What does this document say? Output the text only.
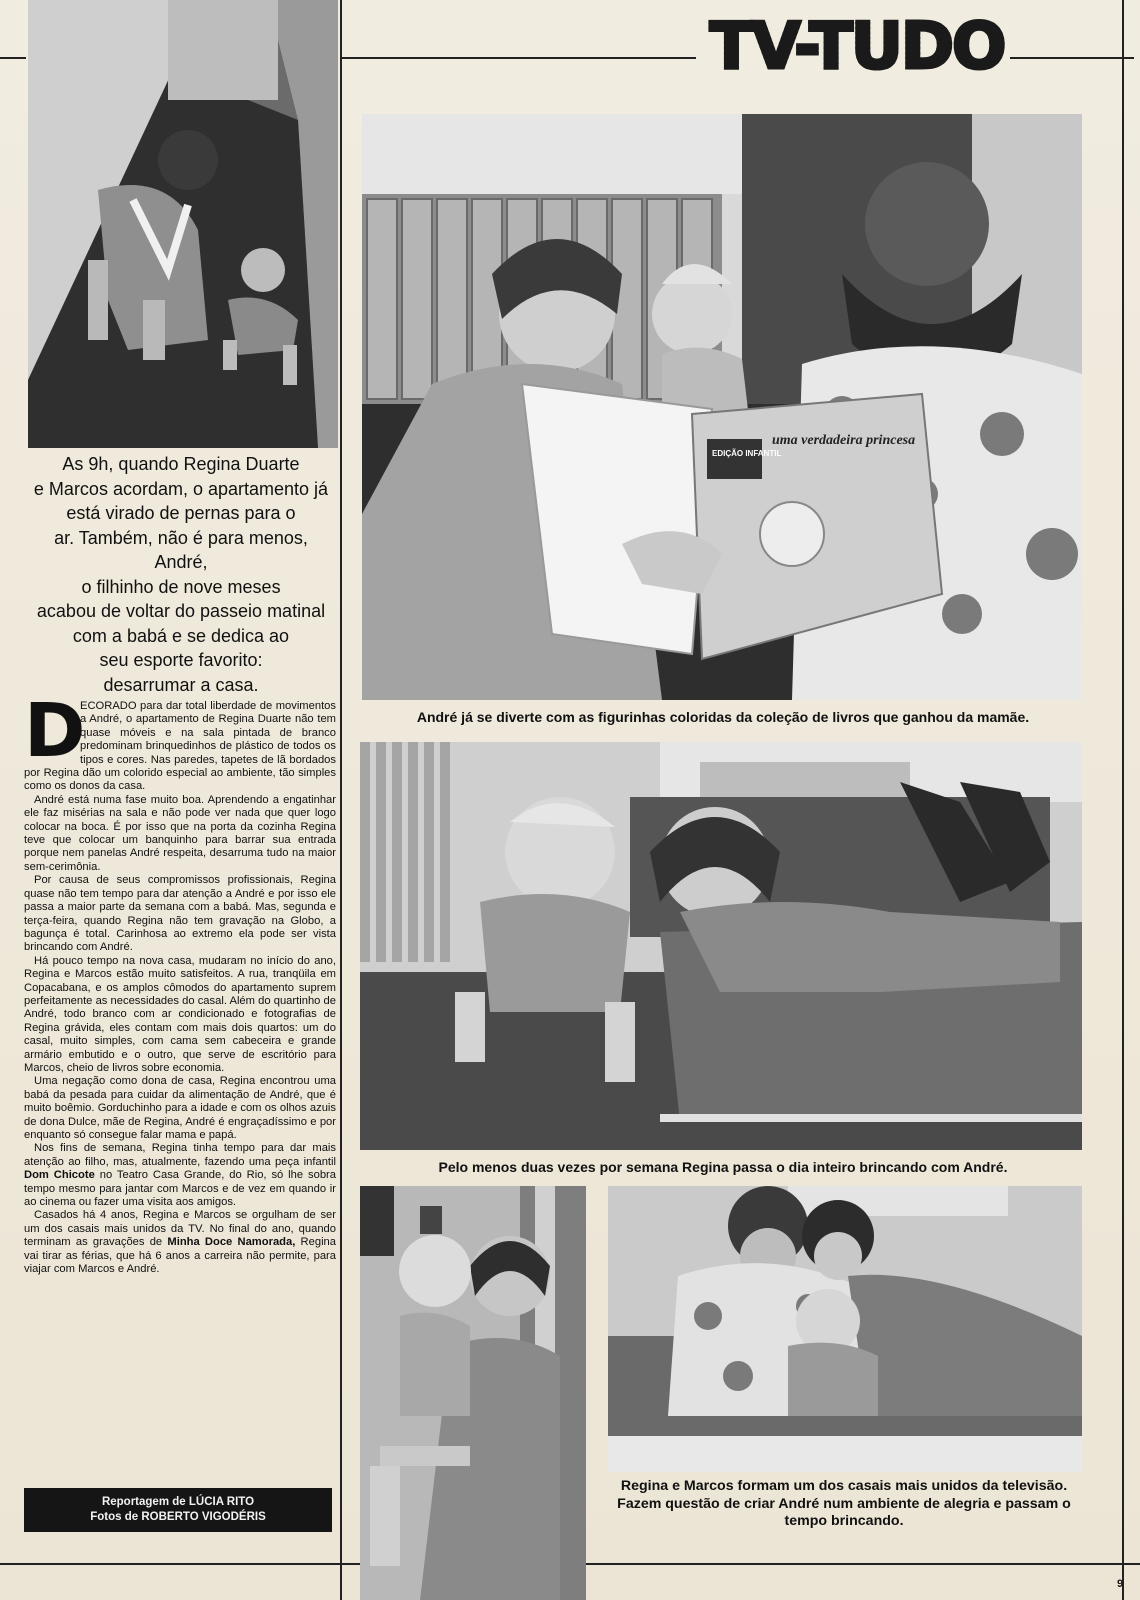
TV-TUDO
As 9h, quando Regina Duarte
e Marcos acordam, o apartamento já
está virado de pernas para o
ar. Também, não é para menos, André,
o filhinho de nove meses
acabou de voltar do passeio matinal
com a babá e se dedica ao
seu esporte favorito:
desarrumar a casa.

D
ECORADO para dar total liberdade de movimentos a André, o apartamento de Regina Duarte não tem quase móveis e na sala pintada de branco predominam brinquedinhos de plástico de todos os tipos e cores. Nas paredes, tapetes de lã bordados por Regina dão um colorido especial ao ambiente, tão simples como os donos da casa.

André está numa fase muito boa. Aprendendo a engatinhar ele faz misérias na sala e não pode ver nada que quer logo colocar na boca. É por isso que na porta da cozinha Regina teve que colocar um banquinho para barrar sua entrada porque nem panelas André respeita, desarruma tudo na maior sem-cerimônia.

Por causa de seus compromissos profissionais, Regina quase não tem tempo para dar atenção a André e por isso ele passa a maior parte da semana com a babá. Mas, segunda e terça-feira, quando Regina não tem gravação na Globo, a bagunça é total. Carinhosa ao extremo ela pode ser vista brincando com André.

Há pouco tempo na nova casa, mudaram no início do ano, Regina e Marcos estão muito satisfeitos. A rua, tranqüila em Copacabana, e os amplos cômodos do apartamento suprem perfeitamente as necessidades do casal. Além do quartinho de André, todo branco com ar condicionado e fotografias de Regina grávida, eles contam com mais dois quartos: um do casal, muito simples, com cama sem cabeceira e grande armário embutido e o outro, que serve de escritório para Marcos, cheio de livros sobre economia.

Uma negação como dona de casa, Regina encontrou uma babá da pesada para cuidar da alimentação de André, que é muito boêmio. Gorduchinho para a idade e com os olhos azuis de dona Dulce, mãe de Regina, André é engraçadíssimo e por enquanto só consegue falar mama e papá.

Nos fins de semana, Regina tinha tempo para dar mais atenção ao filho, mas, atualmente, fazendo uma peça infantil Dom Chicote no Teatro Casa Grande, do Rio, só lhe sobra tempo mesmo para jantar com Marcos e de vez em quando ir ao cinema ou fazer uma visita aos amigos.

Casados há 4 anos, Regina e Marcos se orgulham de ser um dos casais mais unidos da TV. No final do ano, quando terminam as gravações de Minha Doce Namorada, Regina vai tirar as férias, que há 6 anos a carreira não permite, para viajar com Marcos e André.

Reportagem de LÚCIA RITO
Fotos de ROBERTO VIGODÉRIS
EDIÇÃO INFANTIL
uma verdadeira princesa
André já se diverte com as figurinhas coloridas da coleção de livros que ganhou da mamãe.
Pelo menos duas vezes por semana Regina passa o dia inteiro brincando com André.
Regina e Marcos formam um dos casais mais unidos da televisão. Fazem questão de criar André num ambiente de alegria e passam o tempo brincando.
9
